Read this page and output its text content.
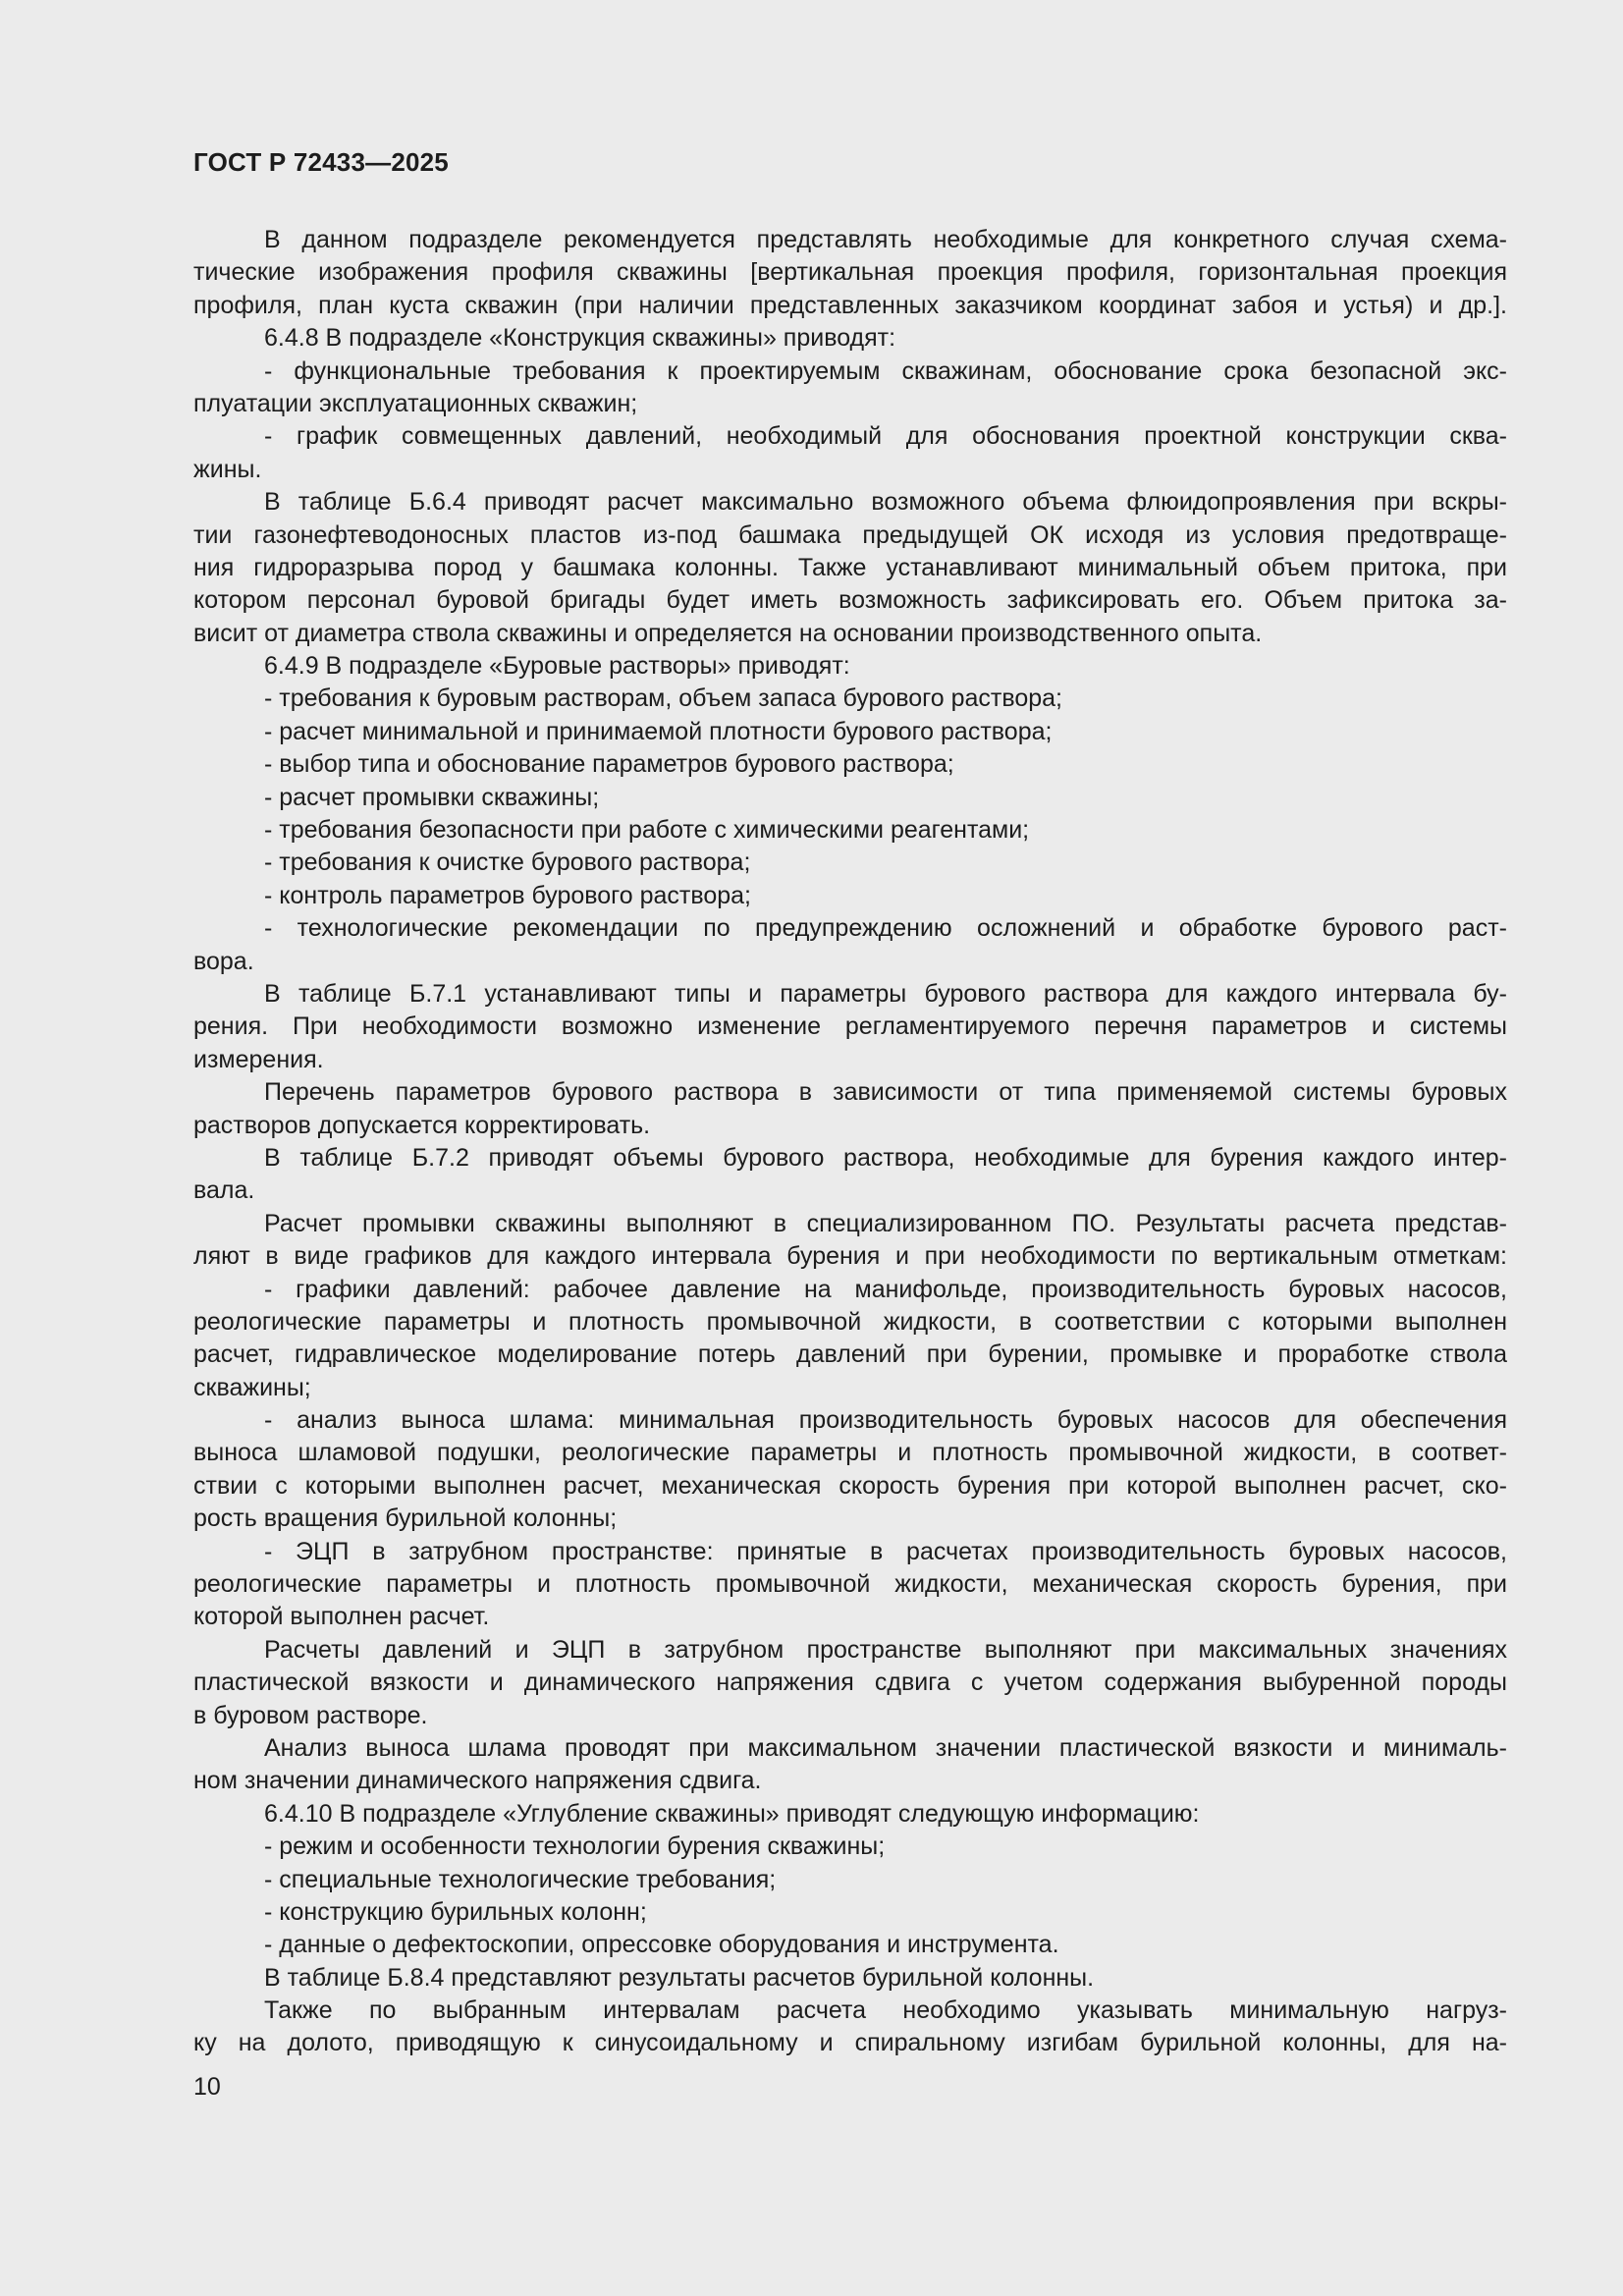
ГОСТ Р 72433—2025
В данном подразделе рекомендуется представлять необходимые для конкретного случая схема-
тические изображения профиля скважины [вертикальная проекция профиля, горизонтальная проекция
профиля, план куста скважин (при наличии представленных заказчиком координат забоя и устья) и др.].
6.4.8 В подразделе «Конструкция скважины» приводят:
- функциональные требования к проектируемым скважинам, обоснование срока безопасной экс-
плуатации эксплуатационных скважин;
- график совмещенных давлений, необходимый для обоснования проектной конструкции сква-
жины.
В таблице Б.6.4 приводят расчет максимально возможного объема флюидопроявления при вскры-
тии газонефтеводоносных пластов из-под башмака предыдущей ОК исходя из условия предотвраще-
ния гидроразрыва пород у башмака колонны. Также устанавливают минимальный объем притока, при
котором персонал буровой бригады будет иметь возможность зафиксировать его. Объем притока за-
висит от диаметра ствола скважины и определяется на основании производственного опыта.
6.4.9 В подразделе «Буровые растворы» приводят:
- требования к буровым растворам, объем запаса бурового раствора;
- расчет минимальной и принимаемой плотности бурового раствора;
- выбор типа и обоснование параметров бурового раствора;
- расчет промывки скважины;
- требования безопасности при работе с химическими реагентами;
- требования к очистке бурового раствора;
- контроль параметров бурового раствора;
- технологические рекомендации по предупреждению осложнений и обработке бурового раст-
вора.
В таблице Б.7.1 устанавливают типы и параметры бурового раствора для каждого интервала бу-
рения. При необходимости возможно изменение регламентируемого перечня параметров и системы
измерения.
Перечень параметров бурового раствора в зависимости от типа применяемой системы буровых
растворов допускается корректировать.
В таблице Б.7.2 приводят объемы бурового раствора, необходимые для бурения каждого интер-
вала.
Расчет промывки скважины выполняют в специализированном ПО. Результаты расчета представ-
ляют в виде графиков для каждого интервала бурения и при необходимости по вертикальным отметкам:
- графики давлений: рабочее давление на манифольде, производительность буровых насосов,
реологические параметры и плотность промывочной жидкости, в соответствии с которыми выполнен
расчет, гидравлическое моделирование потерь давлений при бурении, промывке и проработке ствола
скважины;
- анализ выноса шлама: минимальная производительность буровых насосов для обеспечения
выноса шламовой подушки, реологические параметры и плотность промывочной жидкости, в соответ-
ствии с которыми выполнен расчет, механическая скорость бурения при которой выполнен расчет, ско-
рость вращения бурильной колонны;
- ЭЦП в затрубном пространстве: принятые в расчетах производительность буровых насосов,
реологические параметры и плотность промывочной жидкости, механическая скорость бурения, при
которой выполнен расчет.
Расчеты давлений и ЭЦП в затрубном пространстве выполняют при максимальных значениях
пластической вязкости и динамического напряжения сдвига с учетом содержания выбуренной породы
в буровом растворе.
Анализ выноса шлама проводят при максимальном значении пластической вязкости и минималь-
ном значении динамического напряжения сдвига.
6.4.10 В подразделе «Углубление скважины» приводят следующую информацию:
- режим и особенности технологии бурения скважины;
- специальные технологические требования;
- конструкцию бурильных колонн;
- данные о дефектоскопии, опрессовке оборудования и инструмента.
В таблице Б.8.4 представляют результаты расчетов бурильной колонны.
Также по выбранным интервалам расчета необходимо указывать минимальную нагруз-
ку на долото, приводящую к синусоидальному и спиральному изгибам бурильной колонны, для на-
10
